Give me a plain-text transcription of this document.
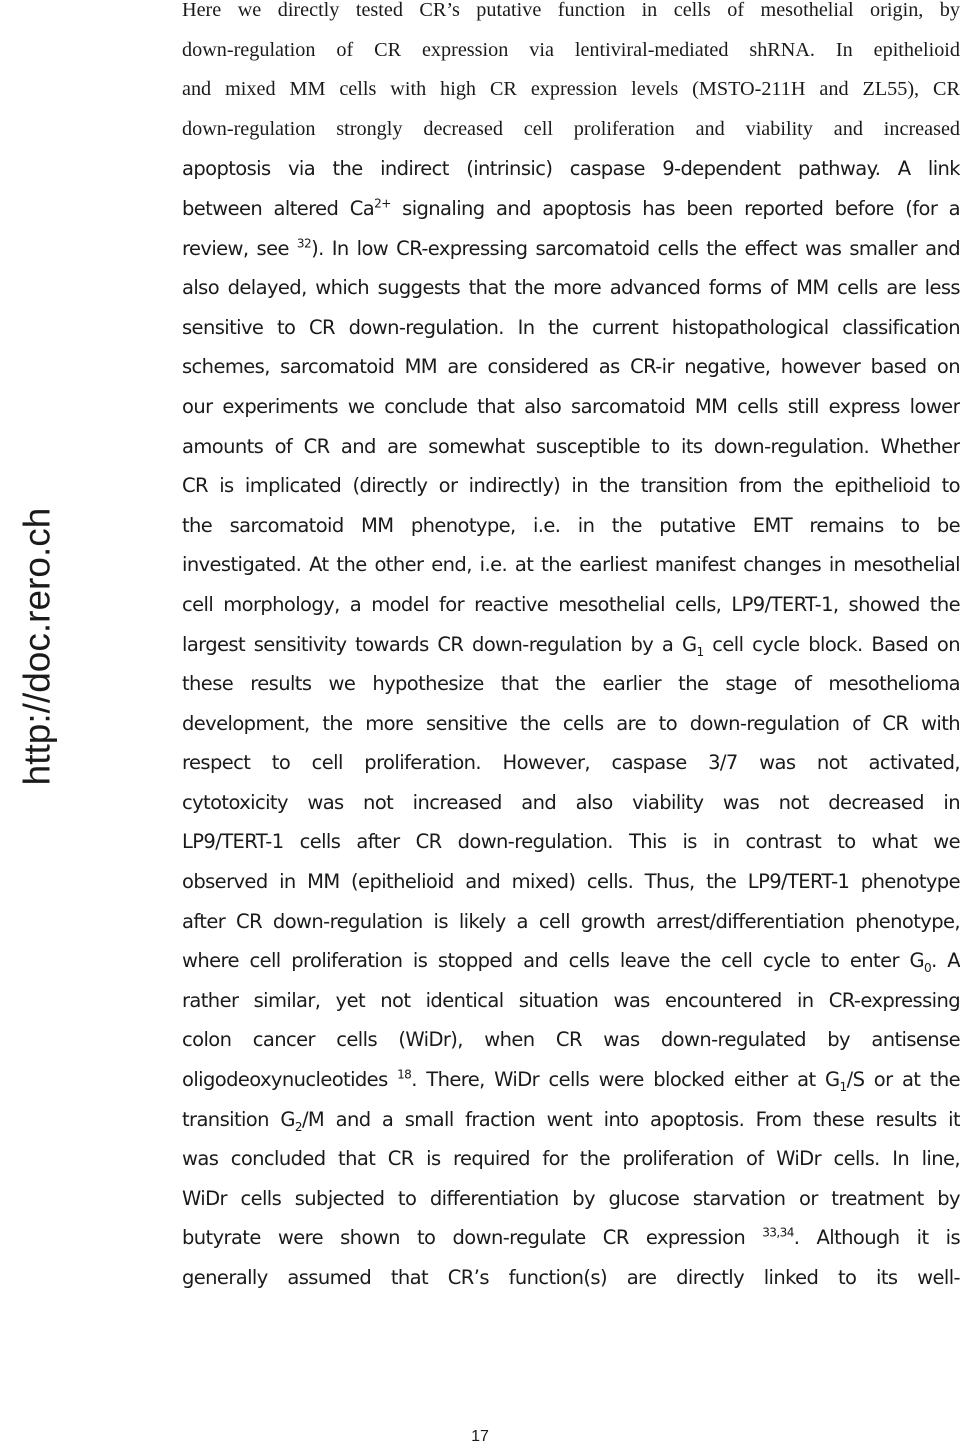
http://doc.rero.ch
Here we directly tested CR’s putative function in cells of mesothelial origin, by
down-regulation of CR expression via lentiviral-mediated shRNA. In epithelioid
and mixed MM cells with high CR expression levels (MSTO-211H and ZL55), CR
down-regulation strongly decreased cell proliferation and viability and increased
apoptosis via the indirect (intrinsic) caspase 9-dependent pathway. A link
between altered $Ca^{2+}$ signaling and apoptosis has been reported before (for a
review, see $^{32}$). In low CR-expressing sarcomatoid cells the effect was smaller and
also delayed, which suggests that the more advanced forms of MM cells are less
sensitive to CR down-regulation. In the current histopathological classification
schemes, sarcomatoid MM are considered as CR-ir negative, however based on
our experiments we conclude that also sarcomatoid MM cells still express lower
amounts of CR and are somewhat susceptible to its down-regulation. Whether
CR is implicated (directly or indirectly) in the transition from the epithelioid to
the sarcomatoid MM phenotype, i.e. in the putative EMT remains to be
investigated. At the other end, i.e. at the earliest manifest changes in mesothelial
cell morphology, a model for reactive mesothelial cells, LP9/TERT-1, showed the
largest sensitivity towards CR down-regulation by a $G_1$ cell cycle block. Based on
these results we hypothesize that the earlier the stage of mesothelioma
development, the more sensitive the cells are to down-regulation of CR with
respect to cell proliferation. However, caspase 3/7 was not activated,
cytotoxicity was not increased and also viability was not decreased in
LP9/TERT-1 cells after CR down-regulation. This is in contrast to what we
observed in MM (epithelioid and mixed) cells. Thus, the LP9/TERT-1 phenotype
after CR down-regulation is likely a cell growth arrest/differentiation phenotype,
where cell proliferation is stopped and cells leave the cell cycle to enter $G_0$. A
rather similar, yet not identical situation was encountered in CR-expressing
colon cancer cells (WiDr), when CR was down-regulated by antisense
oligodeoxynucleotides $^{18}$. There, WiDr cells were blocked either at $G_1/S$ or at the
transition $G_2/M$ and a small fraction went into apoptosis. From these results it
was concluded that CR is required for the proliferation of WiDr cells. In line,
WiDr cells subjected to differentiation by glucose starvation or treatment by
butyrate were shown to down-regulate CR expression $^{33,34}$. Although it is
generally assumed that CR’s function(s) are directly linked to its well-
17
